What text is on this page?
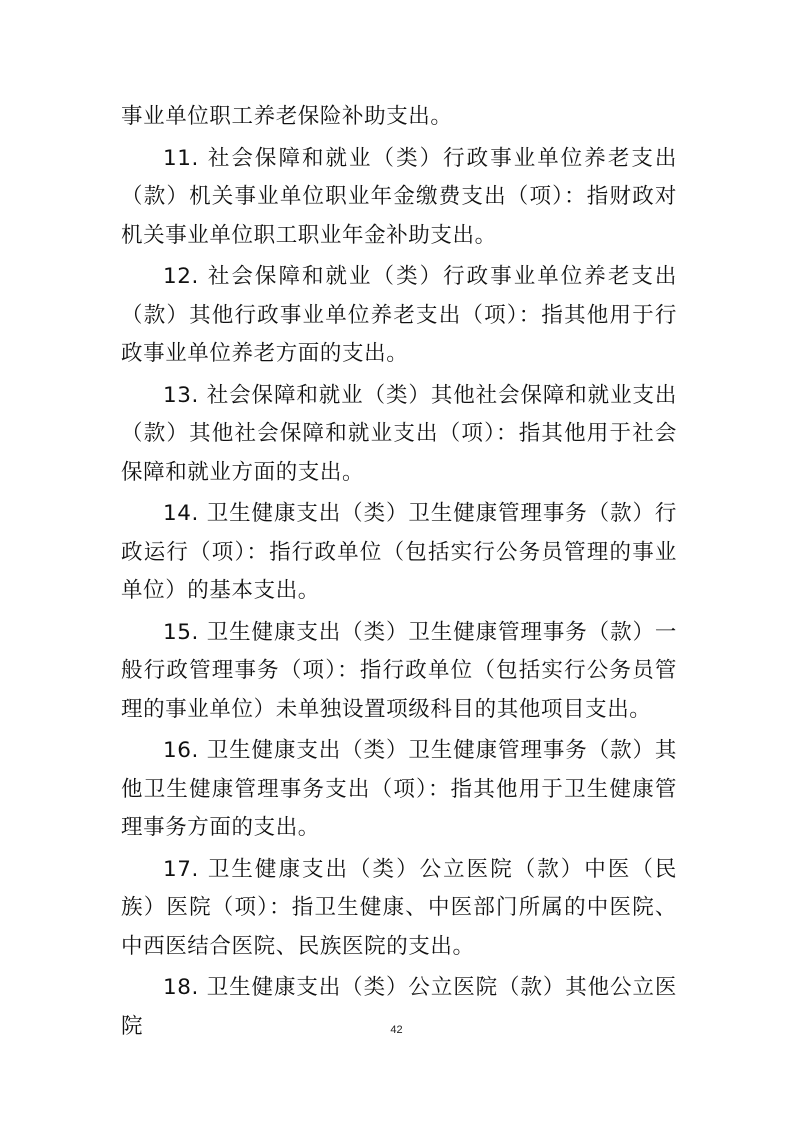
事业单位职工养老保险补助支出。

11. 社会保障和就业（类）行政事业单位养老支出（款）机关事业单位职业年金缴费支出（项）：指财政对机关事业单位职工职业年金补助支出。

12. 社会保障和就业（类）行政事业单位养老支出（款）其他行政事业单位养老支出（项）：指其他用于行政事业单位养老方面的支出。

13. 社会保障和就业（类）其他社会保障和就业支出（款）其他社会保障和就业支出（项）：指其他用于社会保障和就业方面的支出。

14. 卫生健康支出（类）卫生健康管理事务（款）行政运行（项）：指行政单位（包括实行公务员管理的事业单位）的基本支出。

15. 卫生健康支出（类）卫生健康管理事务（款）一般行政管理事务（项）：指行政单位（包括实行公务员管理的事业单位）未单独设置项级科目的其他项目支出。

16. 卫生健康支出（类）卫生健康管理事务（款）其他卫生健康管理事务支出（项）：指其他用于卫生健康管理事务方面的支出。

17. 卫生健康支出（类）公立医院（款）中医（民族）医院（项）：指卫生健康、中医部门所属的中医院、中西医结合医院、民族医院的支出。

18. 卫生健康支出（类）公立医院（款）其他公立医院	42
